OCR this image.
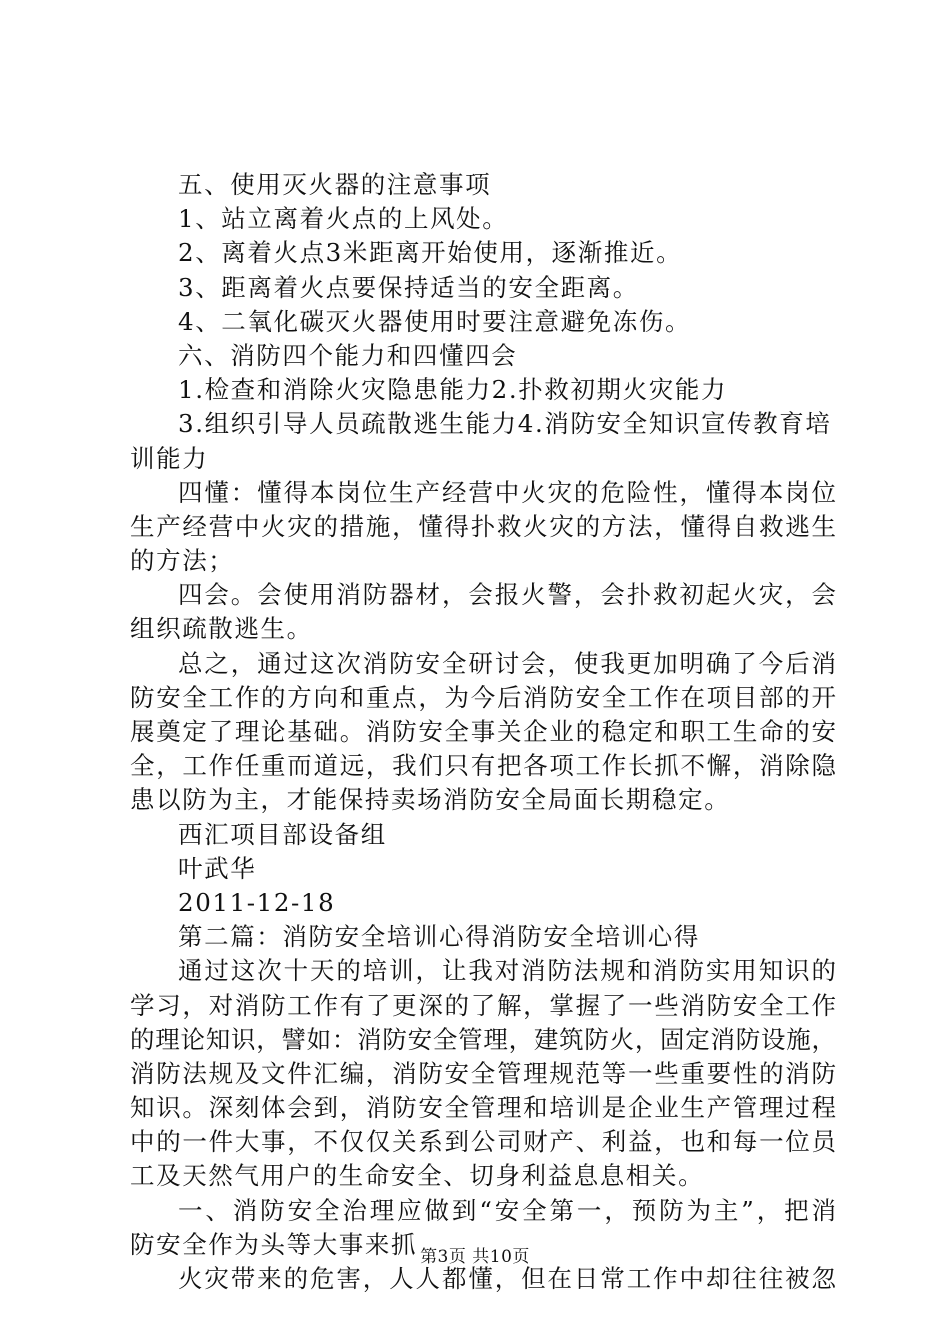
五、使用灭火器的注意事项
1、站立离着火点的上风处。
2、离着火点3米距离开始使用，逐渐推近。
3、距离着火点要保持适当的安全距离。
4、二氧化碳灭火器使用时要注意避免冻伤。
六、消防四个能力和四懂四会
1.检查和消除火灾隐患能力2.扑救初期火灾能力
3.组织引导人员疏散逃生能力4.消防安全知识宣传教育培
训能力
四懂：懂得本岗位生产经营中火灾的危险性，懂得本岗位
生产经营中火灾的措施，懂得扑救火灾的方法，懂得自救逃生
的方法；
四会。会使用消防器材，会报火警，会扑救初起火灾，会
组织疏散逃生。
总之，通过这次消防安全研讨会，使我更加明确了今后消
防安全工作的方向和重点，为今后消防安全工作在项目部的开
展奠定了理论基础。消防安全事关企业的稳定和职工生命的安
全，工作任重而道远，我们只有把各项工作长抓不懈，消除隐
患以防为主，才能保持卖场消防安全局面长期稳定。
西汇项目部设备组
叶武华
2011-12-18
第二篇：消防安全培训心得消防安全培训心得
通过这次十天的培训，让我对消防法规和消防实用知识的
学习，对消防工作有了更深的了解，掌握了一些消防安全工作
的理论知识，譬如：消防安全管理，建筑防火，固定消防设施，
消防法规及文件汇编，消防安全管理规范等一些重要性的消防
知识。深刻体会到，消防安全管理和培训是企业生产管理过程
中的一件大事，不仅仅关系到公司财产、利益，也和每一位员
工及天然气用户的生命安全、切身利益息息相关。
一、消防安全治理应做到“安全第一，预防为主”，把消
防安全作为头等大事来抓
火灾带来的危害，人人都懂，但在日常工作中却往往被忽
第3页 共10页
